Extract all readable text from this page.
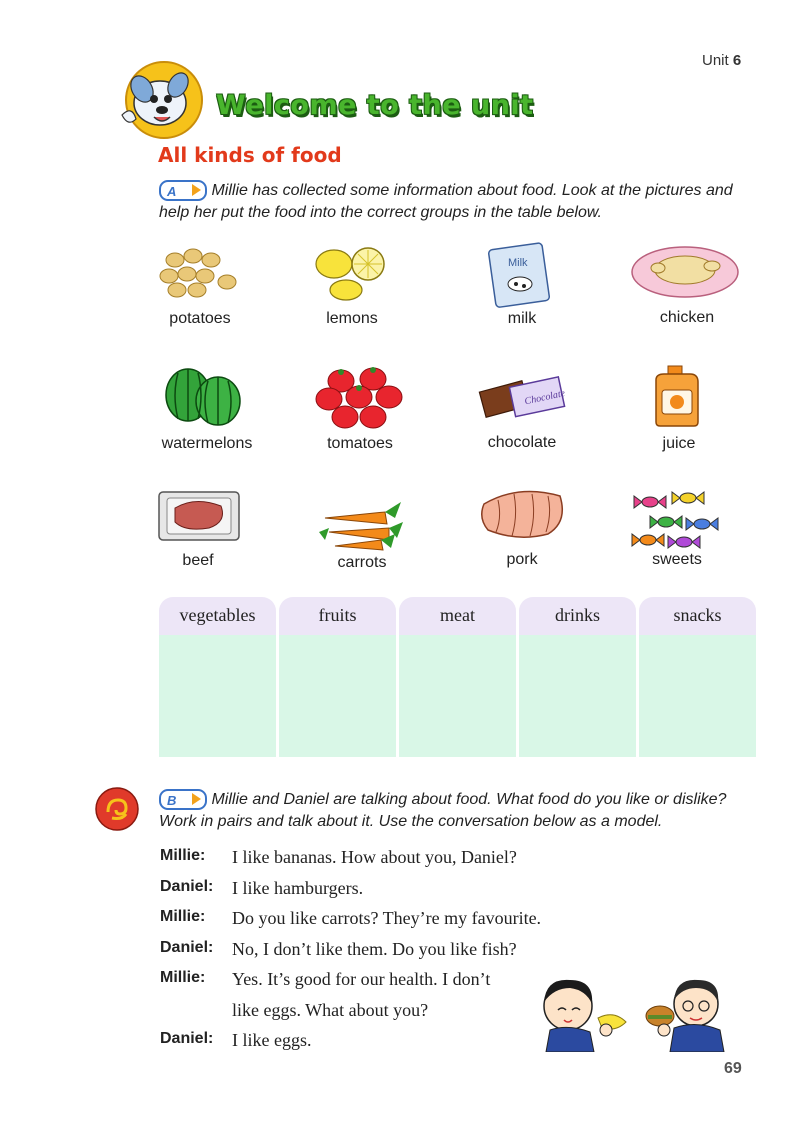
Unit 6
Welcome to the unit
All kinds of food
A Millie has collected some information about food. Look at the pictures and
help her put the food into the correct groups in the table below.
potatoes	lemons
Milk
milk	chicken
watermelons	tomatoes
Chocolate
chocolate	juice
beef	carrots	pork	sweets
vegetables	fruits	meat	drinks	snacks
B Millie and Daniel are talking about food. What food do you like or dislike?
Work in pairs and talk about it. Use the conversation below as a model.
Millie: I like bananas. How about you, Daniel?
Daniel: I like hamburgers.
Millie: Do you like carrots? They’re my favourite.
Daniel: No, I don’t like them. Do you like fish?
Millie: Yes. It’s good for our health. I don’t
like eggs. What about you?
Daniel: I like eggs.
69
